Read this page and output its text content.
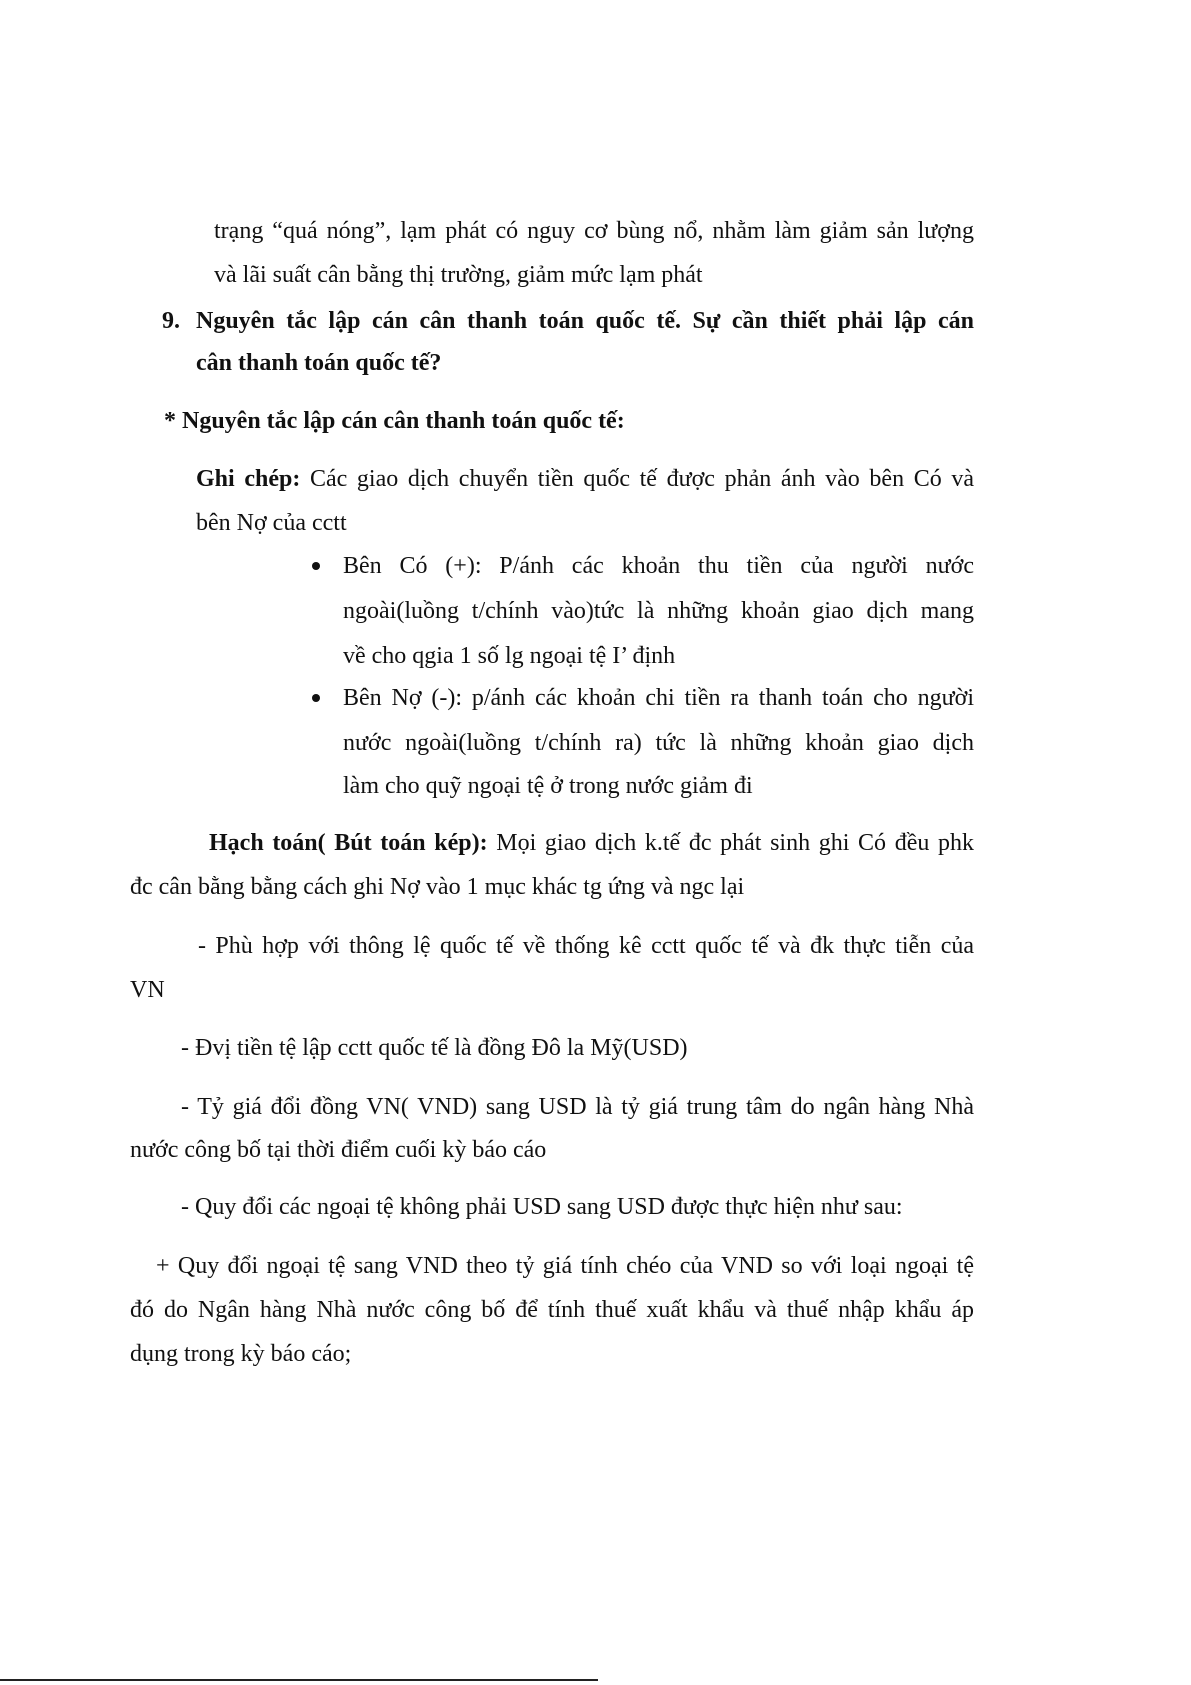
trạng “quá nóng”, lạm phát có nguy cơ bùng nổ, nhằm làm giảm sản lượng
và lãi suất cân bằng thị trường, giảm mức lạm phát
9. Nguyên tắc lập cán cân thanh toán quốc tế. Sự cần thiết phải lập cán
cân thanh toán quốc tế?
* Nguyên tắc lập cán cân thanh toán quốc tế:
Ghi chép: Các giao dịch chuyển tiền quốc tế được phản ánh vào bên Có và
bên Nợ của cctt
Bên Có (+): P/ánh các khoản thu tiền của người nước
ngoài(luồng t/chính vào)tức là những khoản giao dịch mang
về cho qgia 1 số lg ngoại tệ I’ định
Bên Nợ (-): p/ánh các khoản chi tiền ra thanh toán cho người
nước ngoài(luồng t/chính ra) tức là những khoản giao dịch
làm cho quỹ ngoại tệ ở trong nước giảm đi
Hạch toán( Bút toán kép): Mọi giao dịch k.tế đc phát sinh ghi Có đều phk
đc cân bằng bằng cách ghi Nợ vào 1 mục khác tg ứng và ngc lại
- Phù hợp với thông lệ quốc tế về thống kê cctt quốc tế và đk thực tiễn của
VN
- Đvị tiền tệ lập cctt quốc tế là đồng Đô la Mỹ(USD)
- Tỷ giá đổi đồng VN( VND) sang USD là tỷ giá trung tâm do ngân hàng Nhà
nước công bố tại thời điểm cuối kỳ báo cáo
- Quy đổi các ngoại tệ không phải USD sang USD được thực hiện như sau:
+ Quy đổi ngoại tệ sang VND theo tỷ giá tính chéo của VND so với loại ngoại tệ
đó do Ngân hàng Nhà nước công bố để tính thuế xuất khẩu và thuế nhập khẩu áp
dụng trong kỳ báo cáo;
